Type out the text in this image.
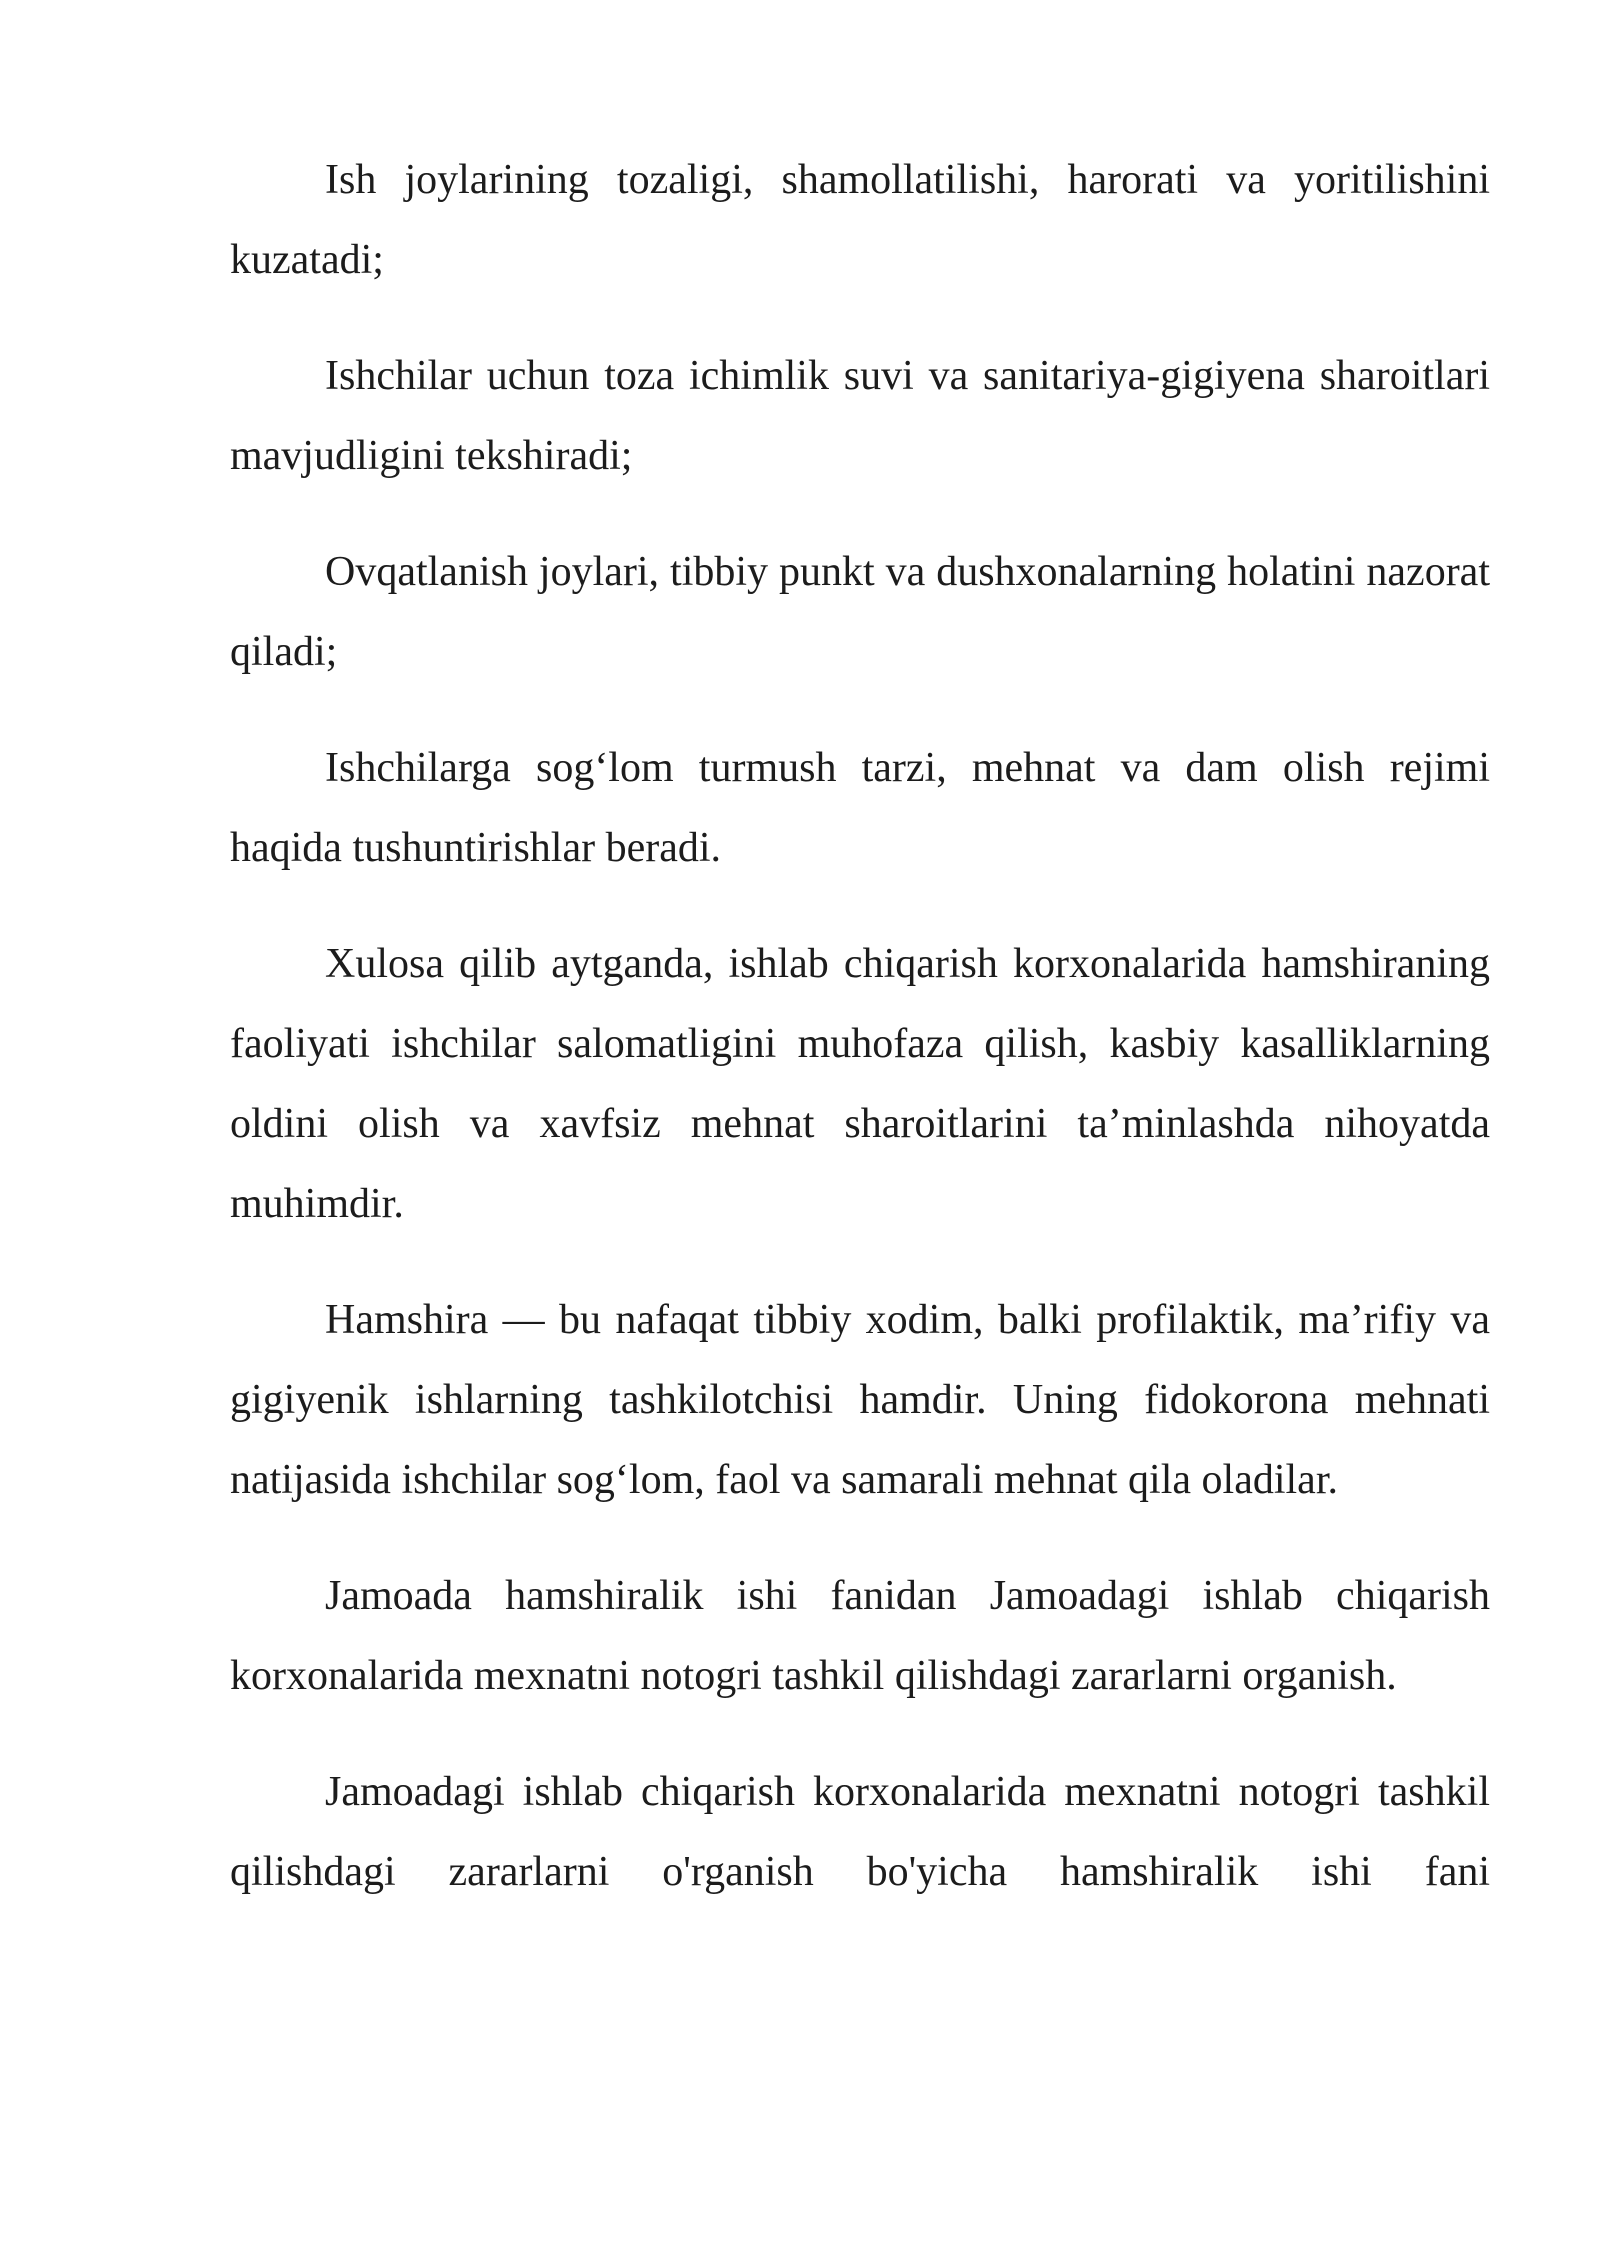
Ish joylarining tozaligi, shamollatilishi, harorati va yoritilishini kuzatadi;

Ishchilar uchun toza ichimlik suvi va sanitariya-gigiyena sharoitlari mavjudligini tekshiradi;

Ovqatlanish joylari, tibbiy punkt va dushxonalarning holatini nazorat qiladi;

Ishchilarga sog‘lom turmush tarzi, mehnat va dam olish rejimi haqida tushuntirishlar beradi.

Xulosa qilib aytganda, ishlab chiqarish korxonalarida hamshiraning faoliyati ishchilar salomatligini muhofaza qilish, kasbiy kasalliklarning oldini olish va xavfsiz mehnat sharoitlarini ta’minlashda nihoyatda muhimdir.

Hamshira — bu nafaqat tibbiy xodim, balki profilaktik, ma’rifiy va gigiyenik ishlarning tashkilotchisi hamdir. Uning fidokorona mehnati natijasida ishchilar sog‘lom, faol va samarali mehnat qila oladilar.

Jamoada hamshiralik ishi fanidan Jamoadagi ishlab chiqarish korxonalarida mexnatni notogri tashkil qilishdagi zararlarni organish.

Jamoadagi ishlab chiqarish korxonalarida mexnatni notogri tashkil qilishdagi zararlarni o'rganish bo'yicha hamshiralik ishi fani
